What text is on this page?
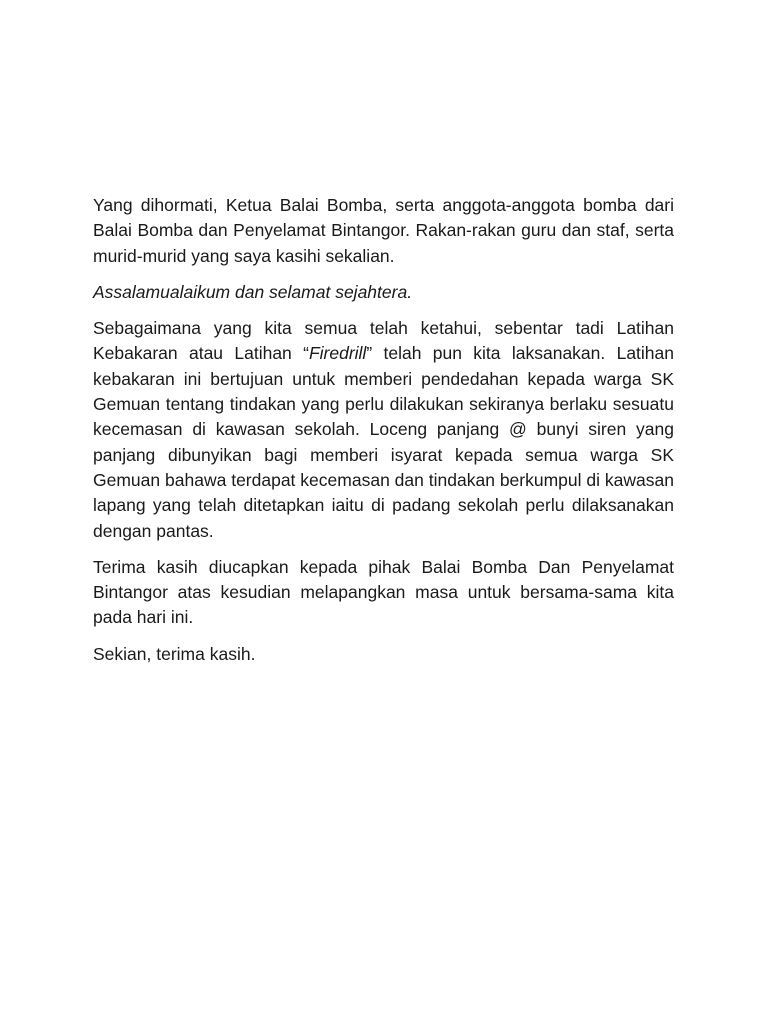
Yang dihormati, Ketua Balai Bomba, serta anggota-anggota bomba dari Balai Bomba dan Penyelamat Bintangor. Rakan-rakan guru dan staf, serta murid-murid yang saya kasihi sekalian.

Assalamualaikum dan selamat sejahtera.

Sebagaimana yang kita semua telah ketahui, sebentar tadi Latihan Kebakaran atau Latihan “Firedrill” telah pun kita laksanakan. Latihan kebakaran ini bertujuan untuk memberi pendedahan kepada warga SK Gemuan tentang tindakan yang perlu dilakukan sekiranya berlaku sesuatu kecemasan di kawasan sekolah. Loceng panjang @ bunyi siren yang panjang dibunyikan bagi memberi isyarat kepada semua warga SK Gemuan bahawa terdapat kecemasan dan tindakan berkumpul di kawasan lapang yang telah ditetapkan iaitu di padang sekolah perlu dilaksanakan dengan pantas.

Terima kasih diucapkan kepada pihak Balai Bomba Dan Penyelamat Bintangor atas kesudian melapangkan masa untuk bersama-sama kita pada hari ini.

Sekian, terima kasih.
